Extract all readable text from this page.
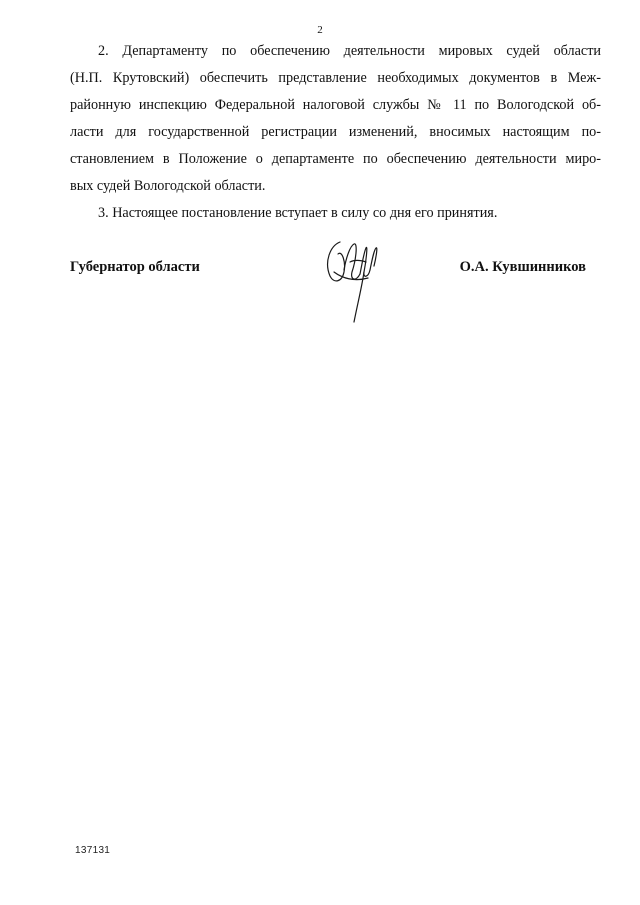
2
2. Департаменту по обеспечению деятельности мировых судей области
(Н.П. Крутовский) обеспечить представление необходимых документов в Меж-
районную инспекцию Федеральной налоговой службы № 11 по Вологодской об-
ласти для государственной регистрации изменений, вносимых настоящим по-
становлением в Положение о департаменте по обеспечению деятельности миро-
вых судей Вологодской области.
3. Настоящее постановление вступает в силу со дня его принятия.
Губернатор области	О.А. Кувшинников
137131
